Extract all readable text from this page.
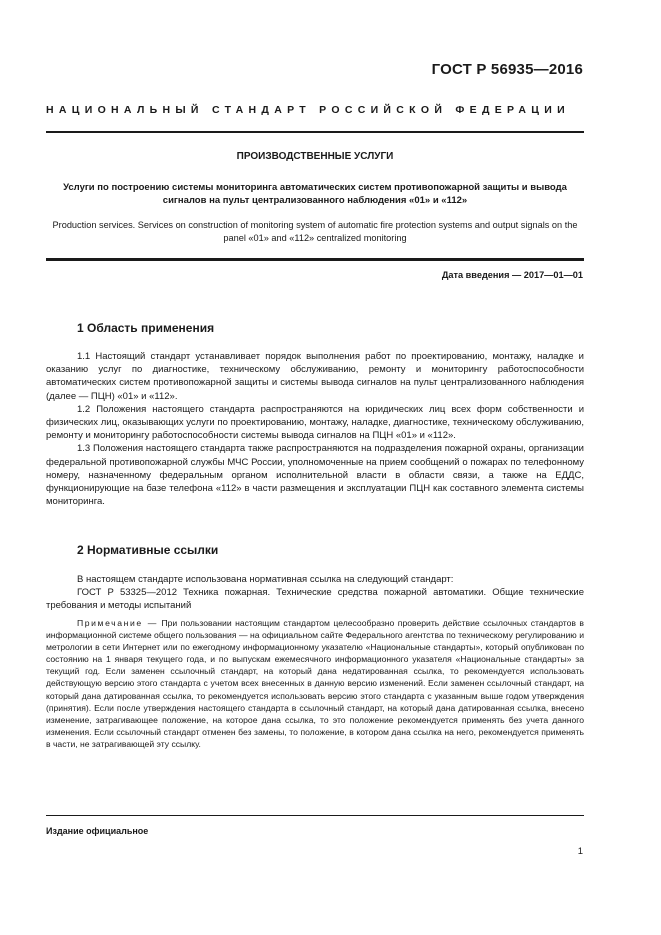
ГОСТ Р 56935—2016
НАЦИОНАЛЬНЫЙ СТАНДАРТ РОССИЙСКОЙ ФЕДЕРАЦИИ
ПРОИЗВОДСТВЕННЫЕ УСЛУГИ
Услуги по построению системы мониторинга автоматических систем противопожарной защиты и вывода сигналов на пульт централизованного наблюдения «01» и «112»
Production services. Services on construction of monitoring system of automatic fire protection systems and output signals on the panel «01» and «112» centralized monitoring
Дата введения — 2017—01—01
1 Область применения

1.1 Настоящий стандарт устанавливает порядок выполнения работ по проектированию, монтажу, наладке и оказанию услуг по диагностике, техническому обслуживанию, ремонту и мониторингу работоспособности автоматических систем противопожарной защиты и системы вывода сигналов на пульт централизованного наблюдения (далее — ПЦН) «01» и «112».

1.2 Положения настоящего стандарта распространяются на юридических лиц всех форм собственности и физических лиц, оказывающих услуги по проектированию, монтажу, наладке, диагностике, техническому обслуживанию, ремонту и мониторингу работоспособности системы вывода сигналов на ПЦН «01» и «112».

1.3 Положения настоящего стандарта также распространяются на подразделения пожарной охраны, организации федеральной противопожарной службы МЧС России, уполномоченные на прием сообщений о пожарах по телефонному номеру, назначенному федеральным органом исполнительной власти в области связи, а также на ЕДДС, функционирующие на базе телефона «112» в части размещения и эксплуатации ПЦН как составного элемента системы мониторинга.

2 Нормативные ссылки

В настоящем стандарте использована нормативная ссылка на следующий стандарт:

ГОСТ Р 53325—2012 Техника пожарная. Технические средства пожарной автоматики. Общие технические требования и методы испытаний

Примечание — При пользовании настоящим стандартом целесообразно проверить действие ссылочных стандартов в информационной системе общего пользования — на официальном сайте Федерального агентства по техническому регулированию и метрологии в сети Интернет или по ежегодному информационному указателю «Национальные стандарты», который опубликован по состоянию на 1 января текущего года, и по выпускам ежемесячного информационного указателя «Национальные стандарты» за текущий год. Если заменен ссылочный стандарт, на который дана недатированная ссылка, то рекомендуется использовать действующую версию этого стандарта с учетом всех внесенных в данную версию изменений. Если заменен ссылочный стандарт, на который дана датированная ссылка, то рекомендуется использовать версию этого стандарта с указанным выше годом утверждения (принятия). Если после утверждения настоящего стандарта в ссылочный стандарт, на который дана датированная ссылка, внесено изменение, затрагивающее положение, на которое дана ссылка, то это положение рекомендуется применять без учета данного изменения. Если ссылочный стандарт отменен без замены, то положение, в котором дана ссылка на него, рекомендуется применять в части, не затрагивающей эту ссылку.

Издание официальное
1
